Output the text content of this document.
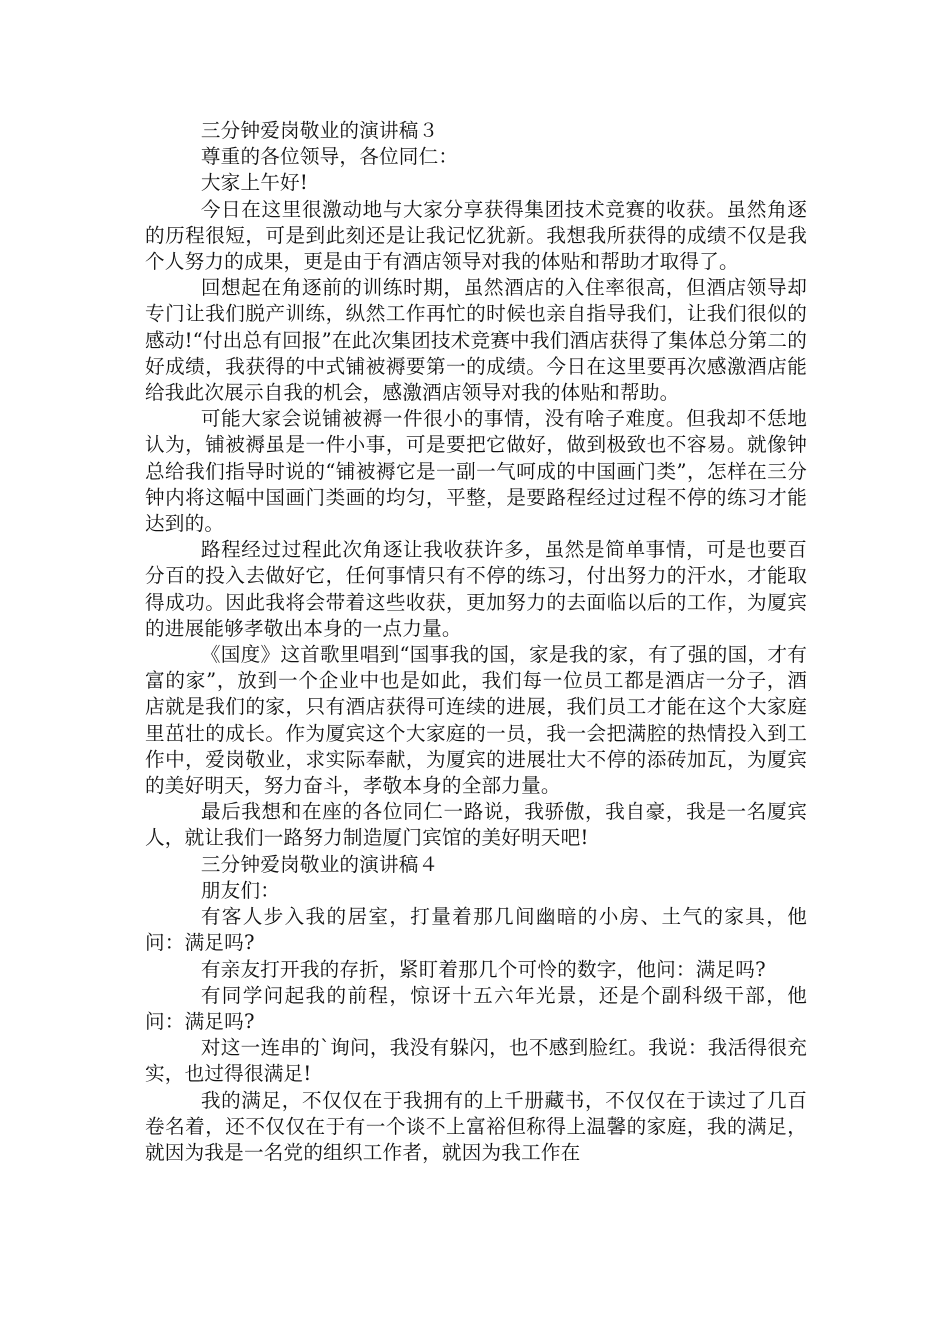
三分钟爱岗敬业的演讲稿３

尊重的各位领导，各位同仁：

大家上午好!

今日在这里很激动地与大家分享获得集团技术竞赛的收获。虽然角逐的历程很短，可是到此刻还是让我记忆犹新。我想我所获得的成绩不仅是我个人努力的成果，更是由于有酒店领导对我的体贴和帮助才取得了。

回想起在角逐前的训练时期，虽然酒店的入住率很高，但酒店领导却专门让我们脱产训练，纵然工作再忙的时候也亲自指导我们，让我们很似的感动!“付出总有回报”在此次集团技术竞赛中我们酒店获得了集体总分第二的好成绩，我获得的中式铺被褥要第一的成绩。今日在这里要再次感激酒店能给我此次展示自我的机会，感激酒店领导对我的体贴和帮助。

可能大家会说铺被褥一件很小的事情，没有啥子难度。但我却不恁地认为，铺被褥虽是一件小事，可是要把它做好，做到极致也不容易。就像钟总给我们指导时说的“铺被褥它是一副一气呵成的中国画门类”，怎样在三分钟内将这幅中国画门类画的均匀，平整，是要路程经过过程不停的练习才能达到的。

路程经过过程此次角逐让我收获许多，虽然是简单事情，可是也要百分百的投入去做好它，任何事情只有不停的练习，付出努力的汗水，才能取得成功。因此我将会带着这些收获，更加努力的去面临以后的工作，为厦宾的进展能够孝敬出本身的一点力量。

《国度》这首歌里唱到“国事我的国，家是我的家，有了强的国，才有富的家”，放到一个企业中也是如此，我们每一位员工都是酒店一分子，酒店就是我们的家，只有酒店获得可连续的进展，我们员工才能在这个大家庭里茁壮的成长。作为厦宾这个大家庭的一员，我一会把满腔的热情投入到工作中，爱岗敬业，求实际奉献，为厦宾的进展壮大不停的添砖加瓦，为厦宾的美好明天，努力奋斗，孝敬本身的全部力量。

最后我想和在座的各位同仁一路说，我骄傲，我自豪，我是一名厦宾人，就让我们一路努力制造厦门宾馆的美好明天吧!

三分钟爱岗敬业的演讲稿４

朋友们：

有客人步入我的居室，打量着那几间幽暗的小房、土气的家具，他问：满足吗?

有亲友打开我的存折，紧盯着那几个可怜的数字，他问：满足吗?

有同学问起我的前程，惊讶十五六年光景，还是个副科级干部，他问：满足吗?

对这一连串的`询问，我没有躲闪，也不感到脸红。我说：我活得很充实，也过得很满足!

我的满足，不仅仅在于我拥有的上千册藏书，不仅仅在于读过了几百卷名着，还不仅仅在于有一个谈不上富裕但称得上温馨的家庭，我的满足，就因为我是一名党的组织工作者，就因为我工作在
